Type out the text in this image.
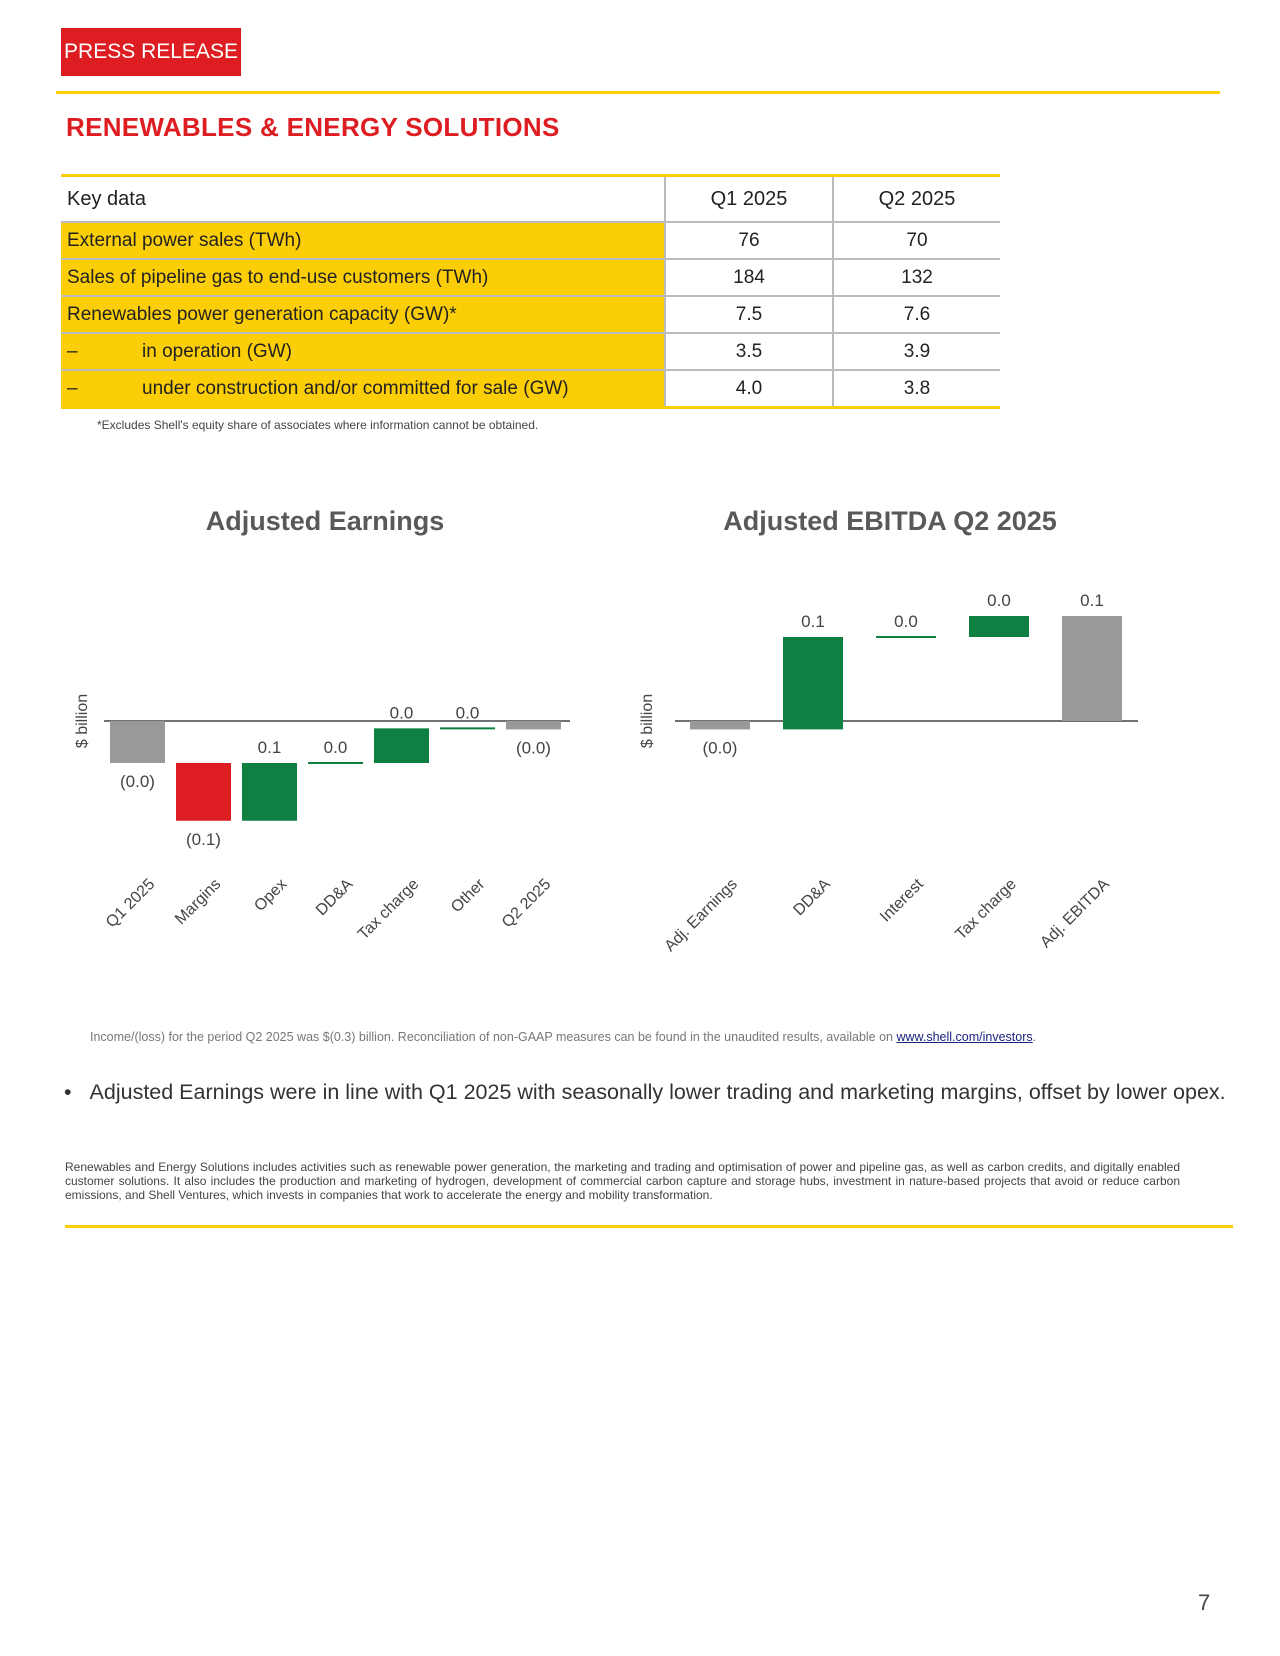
PRESS RELEASE
RENEWABLES & ENERGY SOLUTIONS
Key data	Q1 2025	Q2 2025
External power sales (TWh)	76	70
Sales of pipeline gas to end-use customers (TWh)	184	132
Renewables power generation capacity (GW)*	7.5	7.6
– in operation (GW)	3.5	3.9
– under construction and/or committed for sale (GW)	4.0	3.8
*Excludes Shell's equity share of associates where information cannot be obtained.
Adjusted Earnings	Adjusted EBITDA Q2 2025
$ billion
(0.0)
Q1 2025
(0.1)
Margins
0.1
Opex
0.0
DD&A
0.0
Tax charge
0.0
Other
(0.0)
Q2 2025
$ billion	(0.0)
Adj. Earnings
0.1
DD&A
0.0
Interest
0.0
Tax charge
0.1
Adj. EBITDA
Income/(loss) for the period Q2 2025 was $(0.3) billion. Reconciliation of non-GAAP measures can be found in the unaudited results, available on www.shell.com/investors.
• Adjusted Earnings were in line with Q1 2025 with seasonally lower trading and marketing margins, offset by lower opex.
Renewables and Energy Solutions includes activities such as renewable power generation, the marketing and trading and optimisation of power and pipeline gas, as well as carbon credits, and digitally enabled customer solutions. It also includes the production and marketing of hydrogen, development of commercial carbon capture and storage hubs, investment in nature-based projects that avoid or reduce carbon emissions, and Shell Ventures, which invests in companies that work to accelerate the energy and mobility transformation.
7
